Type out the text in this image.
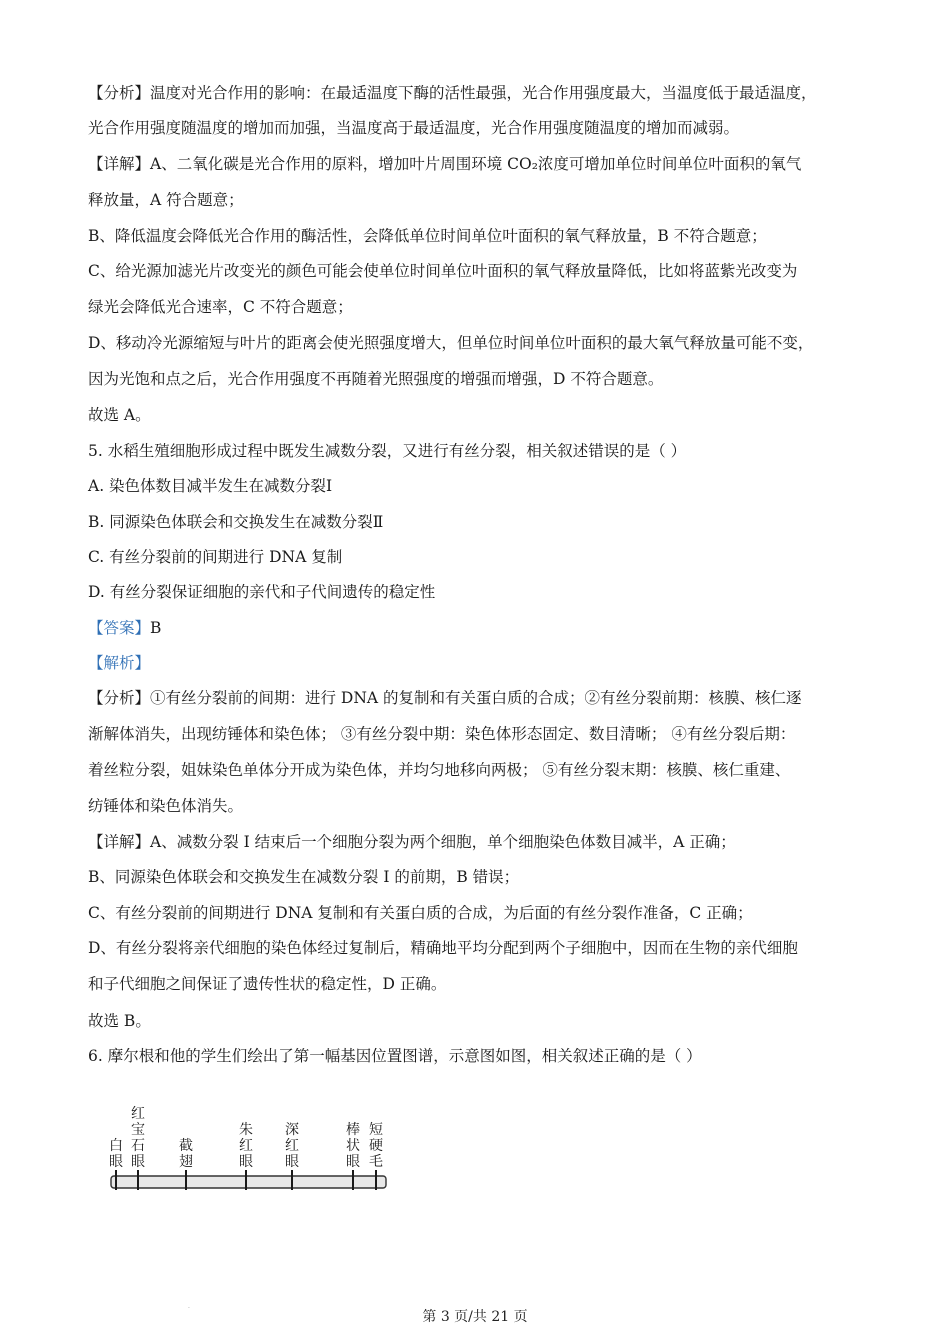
【分析】温度对光合作用的影响：在最适温度下酶的活性最强，光合作用强度最大，当温度低于最适温度，
光合作用强度随温度的增加而加强，当温度高于最适温度，光合作用强度随温度的增加而减弱。
【详解】A、二氧化碳是光合作用的原料，增加叶片周围环境 CO₂浓度可增加单位时间单位叶面积的氧气
释放量，A 符合题意；
B、降低温度会降低光合作用的酶活性，会降低单位时间单位叶面积的氧气释放量，B 不符合题意；
C、给光源加滤光片改变光的颜色可能会使单位时间单位叶面积的氧气释放量降低，比如将蓝紫光改变为
绿光会降低光合速率，C 不符合题意；
D、移动冷光源缩短与叶片的距离会使光照强度增大，但单位时间单位叶面积的最大氧气释放量可能不变，
因为光饱和点之后，光合作用强度不再随着光照强度的增强而增强，D 不符合题意。
故选 A。
5. 水稻生殖细胞形成过程中既发生减数分裂，又进行有丝分裂，相关叙述错误的是（ ）
A. 染色体数目减半发生在减数分裂Ⅰ
B. 同源染色体联会和交换发生在减数分裂Ⅱ
C. 有丝分裂前的间期进行 DNA 复制
D. 有丝分裂保证细胞的亲代和子代间遗传的稳定性
【答案】B
【解析】
【分析】①有丝分裂前的间期：进行 DNA 的复制和有关蛋白质的合成；②有丝分裂前期：核膜、核仁逐
渐解体消失，出现纺锤体和染色体； ③有丝分裂中期：染色体形态固定、数目清晰； ④有丝分裂后期：
着丝粒分裂，姐妹染色单体分开成为染色体，并均匀地移向两极； ⑤有丝分裂末期：核膜、核仁重建、
纺锤体和染色体消失。
【详解】A、减数分裂 I 结束后一个细胞分裂为两个细胞，单个细胞染色体数目减半，A 正确；
B、同源染色体联会和交换发生在减数分裂 I 的前期，B 错误；
C、有丝分裂前的间期进行 DNA 复制和有关蛋白质的合成，为后面的有丝分裂作准备，C 正确；
D、有丝分裂将亲代细胞的染色体经过复制后，精确地平均分配到两个子细胞中，因而在生物的亲代细胞
和子代细胞之间保证了遗传性状的稳定性，D 正确。
故选 B。
6. 摩尔根和他的学生们绘出了第一幅基因位置图谱，示意图如图，相关叙述正确的是（ ）
白眼
红宝石眼
截翅
朱红眼
深红眼
棒状眼
短硬毛
·
第 3 页/共 21 页
